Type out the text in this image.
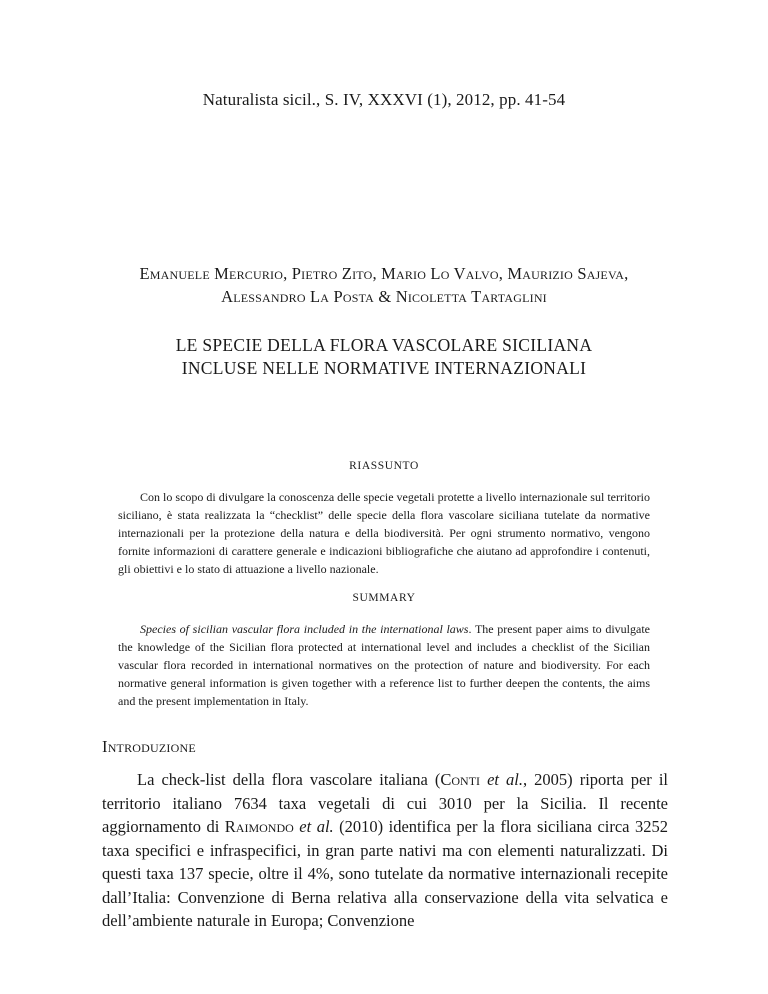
Naturalista sicil., S. IV, XXXVI (1), 2012, pp. 41-54
Emanuele Mercurio, Pietro Zito, Mario Lo Valvo, Maurizio Sajeva,
Alessandro La Posta & Nicoletta Tartaglini
LE SPECIE DELLA FLORA VASCOLARE SICILIANA
INCLUSE NELLE NORMATIVE INTERNAZIONALI
RIASSUNTO

Con lo scopo di divulgare la conoscenza delle specie vegetali protette a livello internazionale sul territorio siciliano, è stata realizzata la “checklist” delle specie della flora vascolare siciliana tutelate da normative internazionali per la protezione della natura e della biodiversità. Per ogni strumento normativo, vengono fornite informazioni di carattere generale e indicazioni bibliografiche che aiutano ad approfondire i contenuti, gli obiettivi e lo stato di attuazione a livello nazionale.

SUMMARY

Species of sicilian vascular flora included in the international laws. The present paper aims to divulgate the knowledge of the Sicilian flora protected at international level and includes a checklist of the Sicilian vascular flora recorded in international normatives on the protection of nature and biodiversity. For each normative general information is given together with a reference list to further deepen the contents, the aims and the present implementation in Italy.

Introduzione

La check-list della flora vascolare italiana (Conti et al., 2005) riporta per il territorio italiano 7634 taxa vegetali di cui 3010 per la Sicilia. Il recente aggiornamento di Raimondo et al. (2010) identifica per la flora siciliana circa 3252 taxa specifici e infraspecifici, in gran parte nativi ma con elementi naturalizzati. Di questi taxa 137 specie, oltre il 4%, sono tutelate da normative internazionali recepite dall’Italia: Convenzione di Berna relativa alla conservazione della vita selvatica e dell’ambiente naturale in Europa; Convenzione
